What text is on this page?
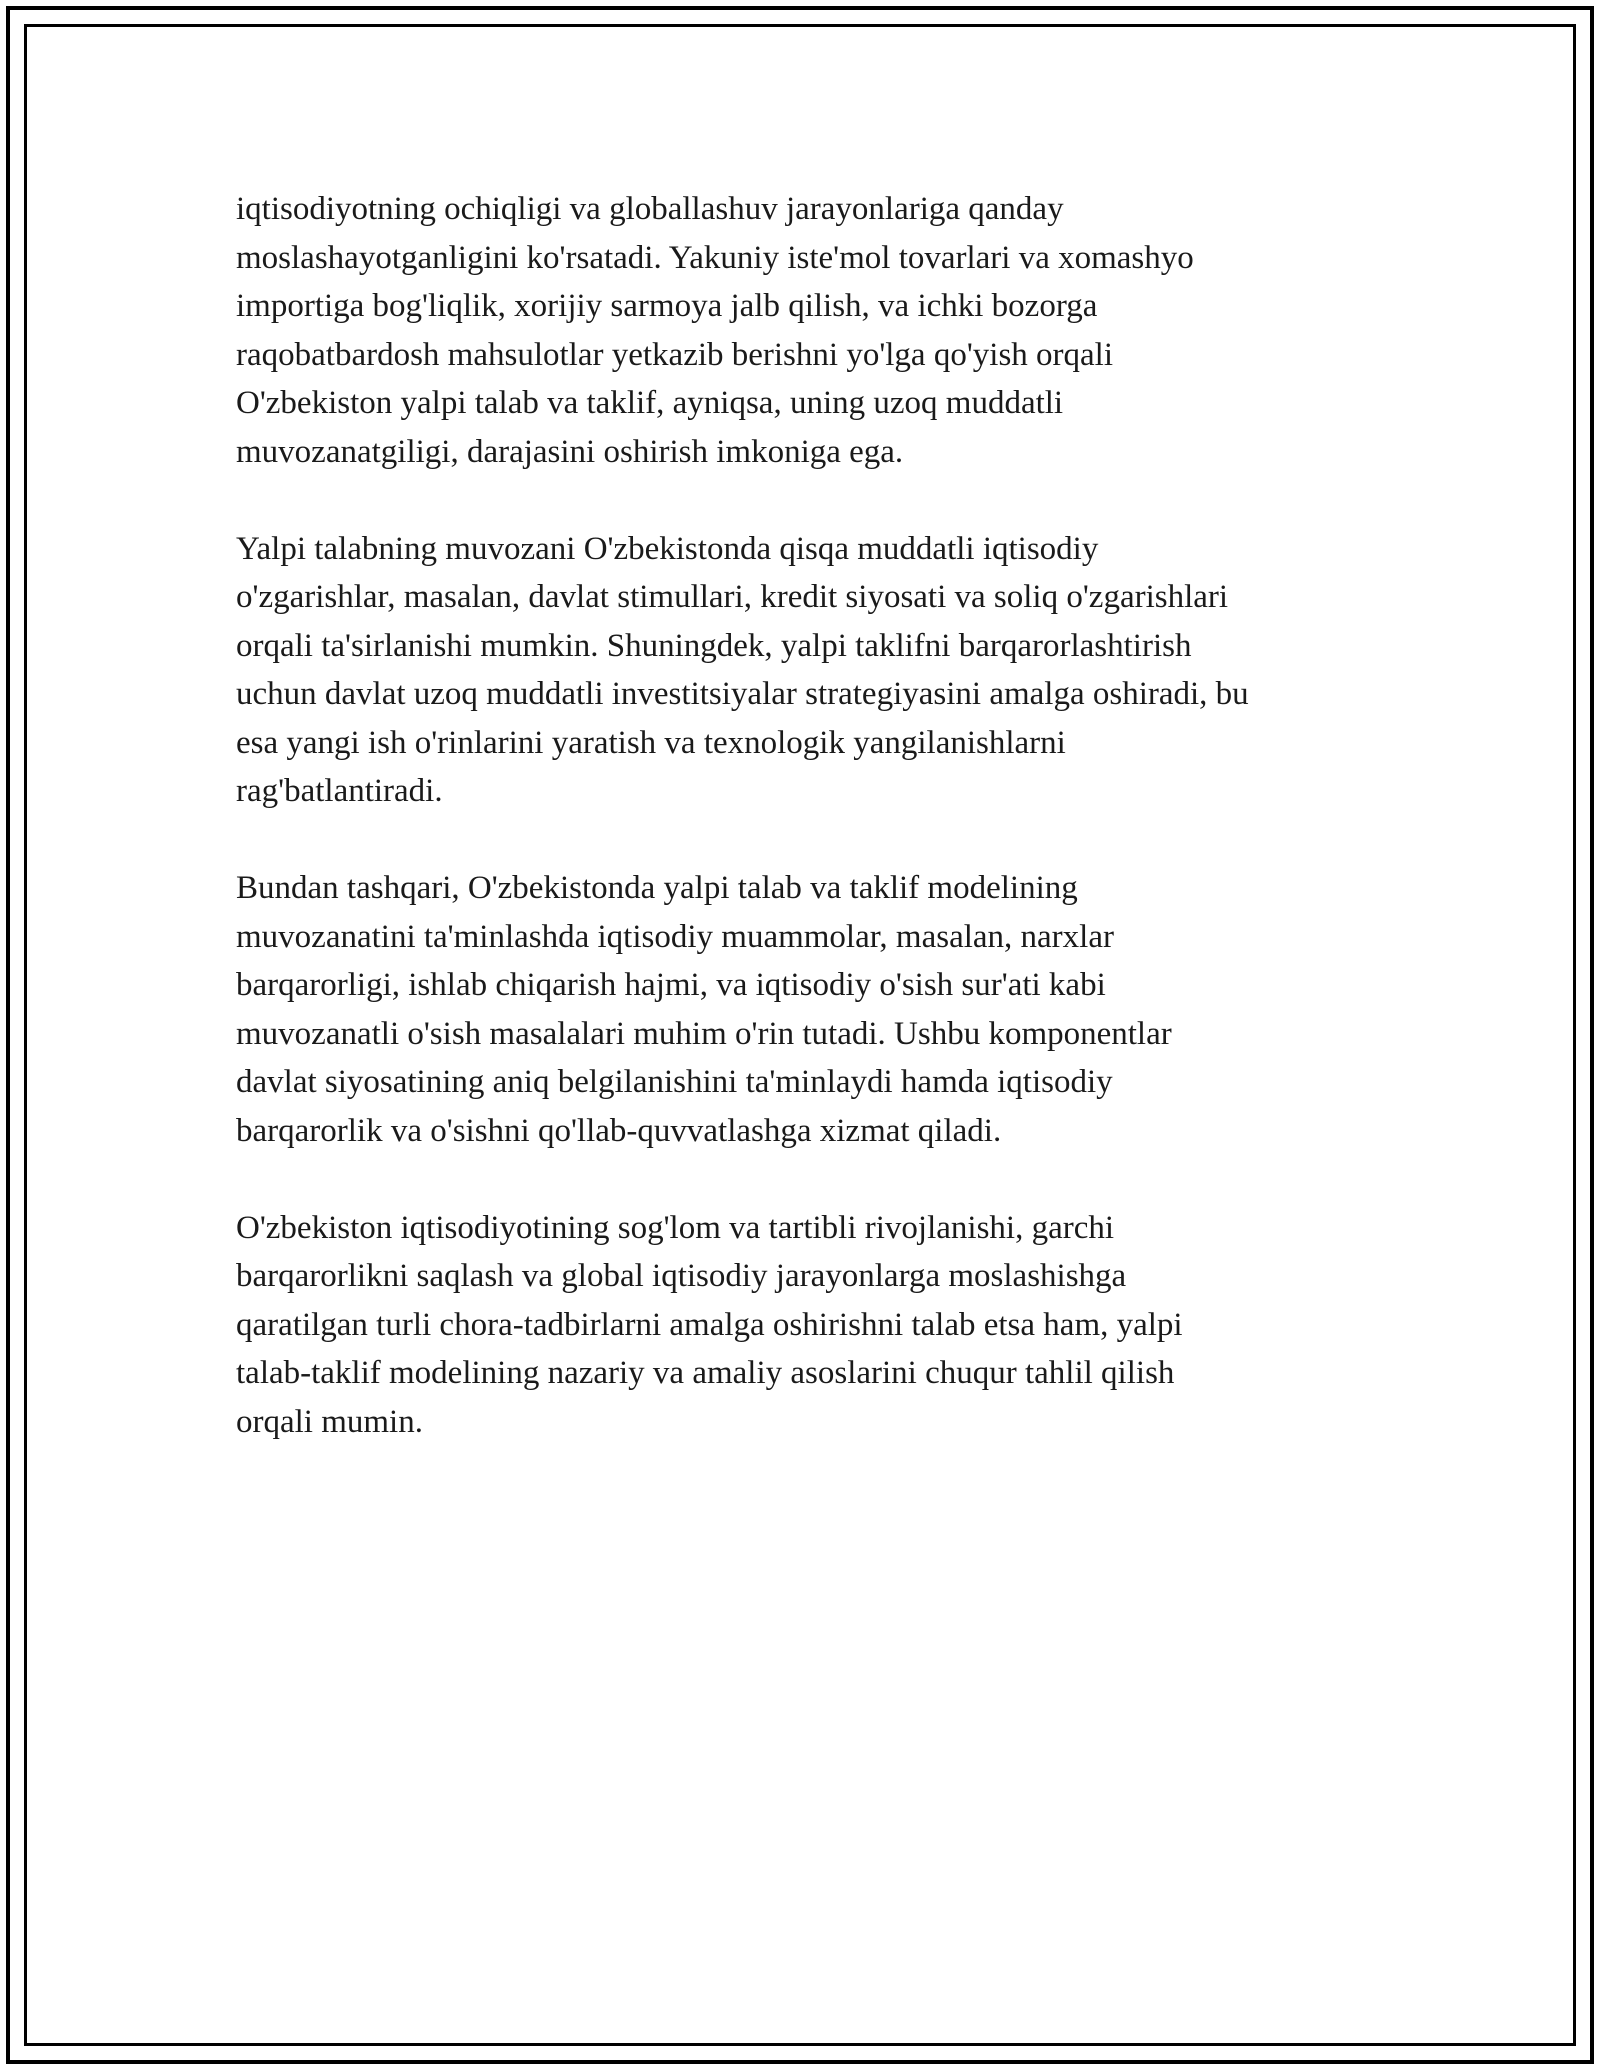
iqtisodiyotning ochiqligi va globallashuv jarayonlariga qanday
moslashayotganligini ko'rsatadi. Yakuniy iste'mol tovarlari va xomashyo
importiga bog'liqlik, xorijiy sarmoya jalb qilish, va ichki bozorga
raqobatbardosh mahsulotlar yetkazib berishni yo'lga qo'yish orqali
O'zbekiston yalpi talab va taklif, ayniqsa, uning uzoq muddatli
muvozanatgiligi, darajasini oshirish imkoniga ega.

Yalpi talabning muvozani O'zbekistonda qisqa muddatli iqtisodiy
o'zgarishlar, masalan, davlat stimullari, kredit siyosati va soliq o'zgarishlari
orqali ta'sirlanishi mumkin. Shuningdek, yalpi taklifni barqarorlashtirish
uchun davlat uzoq muddatli investitsiyalar strategiyasini amalga oshiradi, bu
esa yangi ish o'rinlarini yaratish va texnologik yangilanishlarni
rag'batlantiradi.

Bundan tashqari, O'zbekistonda yalpi talab va taklif modelining
muvozanatini ta'minlashda iqtisodiy muammolar, masalan, narxlar
barqarorligi, ishlab chiqarish hajmi, va iqtisodiy o'sish sur'ati kabi
muvozanatli o'sish masalalari muhim o'rin tutadi. Ushbu komponentlar
davlat siyosatining aniq belgilanishini ta'minlaydi hamda iqtisodiy
barqarorlik va o'sishni qo'llab-quvvatlashga xizmat qiladi.

O'zbekiston iqtisodiyotining sog'lom va tartibli rivojlanishi, garchi
barqarorlikni saqlash va global iqtisodiy jarayonlarga moslashishga
qaratilgan turli chora-tadbirlarni amalga oshirishni talab etsa ham, yalpi
talab-taklif modelining nazariy va amaliy asoslarini chuqur tahlil qilish
orqali mumin.
